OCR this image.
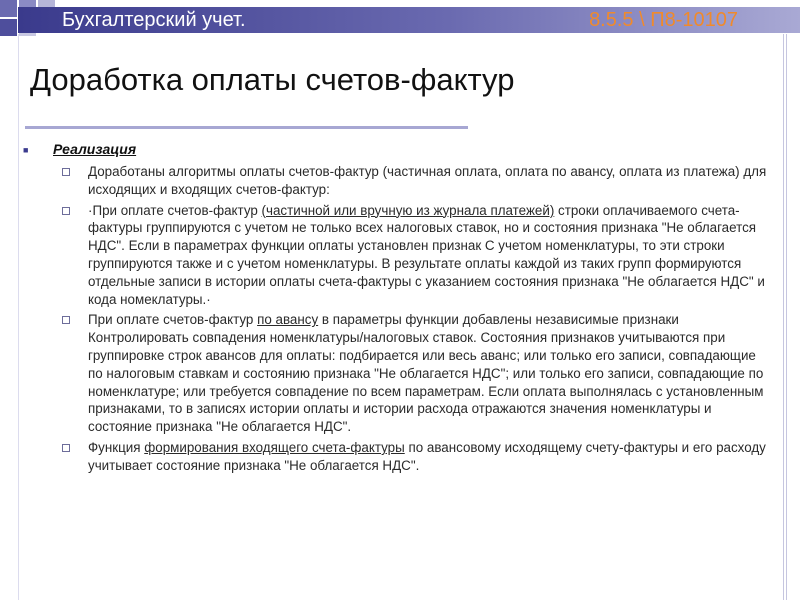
Бухгалтерский учет.	8.5.5 \ П8-10107
Доработка оплаты счетов-фактур
■ Реализация
Доработаны алгоритмы оплаты счетов-фактур (частичная оплата, оплата по авансу, оплата из платежа) для исходящих и входящих счетов-фактур:
·При оплате счетов-фактур (частичной или вручную из журнала платежей) строки оплачиваемого счета-фактуры группируются с учетом не только всех налоговых ставок, но и состояния признака "Не облагается НДС". Если в параметрах функции оплаты установлен признак С учетом номенклатуры, то эти строки группируются также и с учетом номенклатуры. В результате оплаты каждой из таких групп формируются отдельные записи в истории оплаты счета-фактуры с указанием состояния признака "Не облагается НДС" и кода номеклатуры.·
При оплате счетов-фактур по авансу в параметры функции добавлены независимые признаки Контролировать совпадения номенклатуры/налоговых ставок. Состояния признаков учитываются при группировке строк авансов для оплаты: подбирается или весь аванс; или только его записи, совпадающие по налоговым ставкам и состоянию признака "Не облагается НДС"; или только его записи, совпадающие по номенклатуре; или требуется совпадение по всем параметрам. Если оплата выполнялась с установленным признаками, то в записях истории оплаты и истории расхода отражаются значения номенклатуры и состояние признака "Не облагается НДС".
Функция формирования входящего счета-фактуры по авансовому исходящему счету-фактуры и его расходу учитывает состояние признака "Не облагается НДС".
